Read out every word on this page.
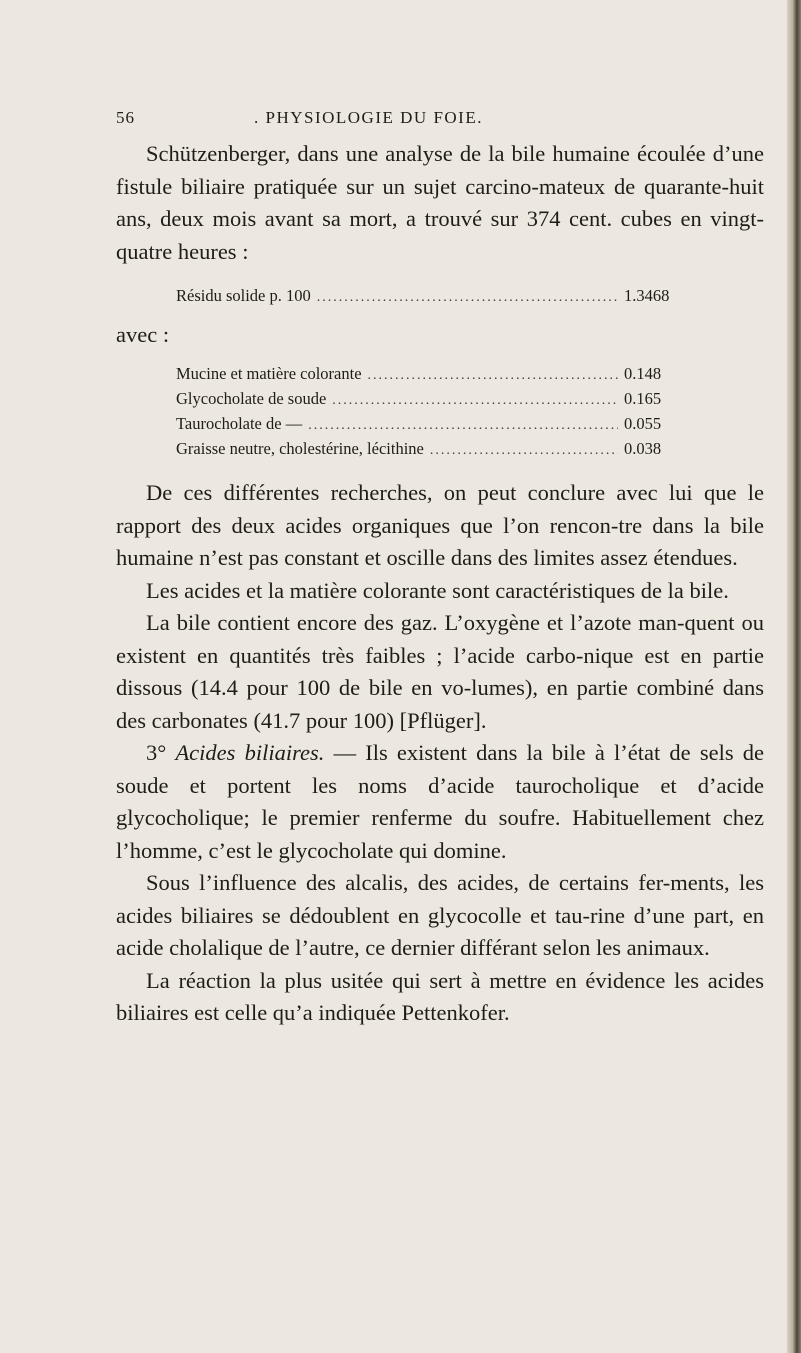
56	. PHYSIOLOGIE DU FOIE.

Schützenberger, dans une analyse de la bile humaine écoulée d’une fistule biliaire pratiquée sur un sujet carcino-mateux de quarante-huit ans, deux mois avant sa mort, a trouvé sur 374 cent. cubes en vingt-quatre heures :

Résidu solide p. 100 .....	1.3468
avec :
Mucine et matière colorante .....	0.148
Glycocholate de soude .....	0.165
Taurocholate de — .....	0.055
Graisse neutre, cholestérine, lécithine .....	0.038

De ces différentes recherches, on peut conclure avec lui que le rapport des deux acides organiques que l’on rencon-tre dans la bile humaine n’est pas constant et oscille dans des limites assez étendues.

Les acides et la matière colorante sont caractéristiques de la bile.

La bile contient encore des gaz. L’oxygène et l’azote man-quent ou existent en quantités très faibles ; l’acide carbo-nique est en partie dissous (14.4 pour 100 de bile en vo-lumes), en partie combiné dans des carbonates (41.7 pour 100) [Pflüger].

3° Acides biliaires. — Ils existent dans la bile à l’état de sels de soude et portent les noms d’acide taurocholique et d’acide glycocholique; le premier renferme du soufre. Habituellement chez l’homme, c’est le glycocholate qui domine.

Sous l’influence des alcalis, des acides, de certains fer-ments, les acides biliaires se dédoublent en glycocolle et tau-rine d’une part, en acide cholalique de l’autre, ce dernier différant selon les animaux.

La réaction la plus usitée qui sert à mettre en évidence les acides biliaires est celle qu’a indiquée Pettenkofer.
